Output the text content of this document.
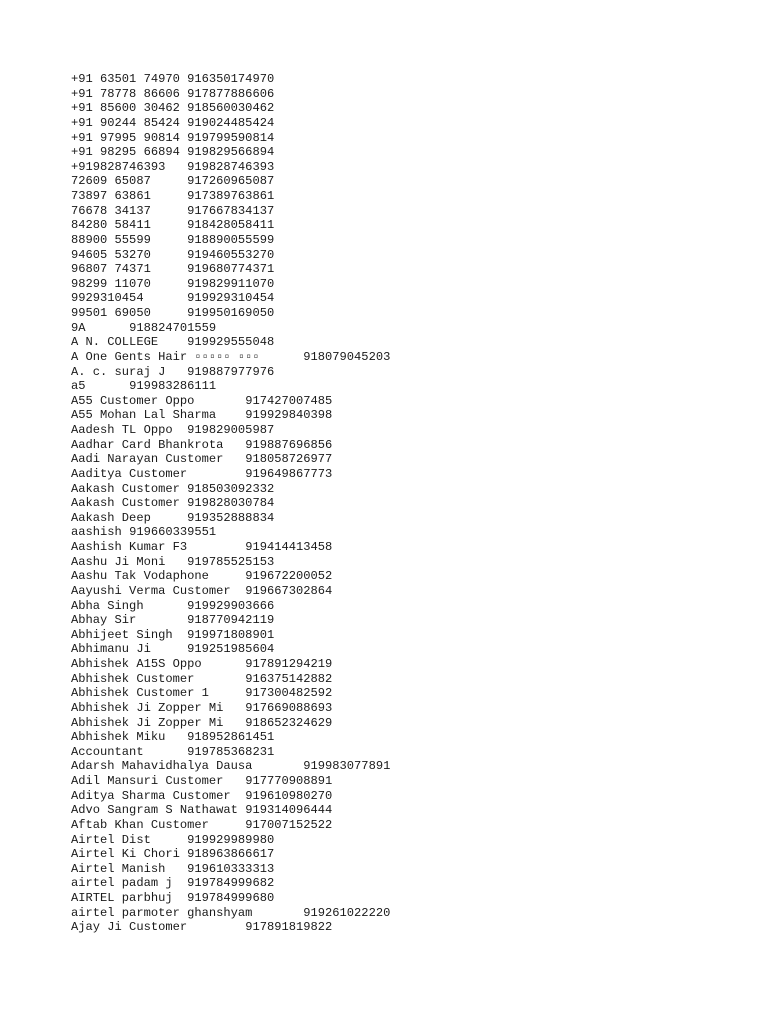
+91 63501 74970	916350174970
+91 78778 86606	917877886606
+91 85600 30462	918560030462
+91 90244 85424	919024485424
+91 97995 90814	919799590814
+91 98295 66894	919829566894
+919828746393	919828746393
72609 65087	917260965087
73897 63861	917389763861
76678 34137	917667834137
84280 58411	918428058411
88900 55599	918890055599
94605 53270	919460553270
96807 74371	919680774371
98299 11070	919829911070
9929310454	919929310454
99501 69050	919950169050
9A	918824701559
A N. COLLEGE	919929555048
A One Gents Hair ▫▫▫▫▫ ▫▫▫	918079045203
A. c. suraj J	919887977976
a5	919983286111
A55 Customer Oppo	917427007485
A55 Mohan Lal Sharma	919929840398
Aadesh TL Oppo	919829005987
Aadhar Card Bhankrota	919887696856
Aadi Narayan Customer	918058726977
Aaditya Customer	919649867773
Aakash Customer	918503092332
Aakash Customer	919828030784
Aakash Deep	919352888834
aashish	919660339551
Aashish Kumar F3	919414413458
Aashu Ji Moni	919785525153
Aashu Tak Vodaphone	919672200052
Aayushi Verma Customer	919667302864
Abha Singh	919929903666
Abhay Sir	918770942119
Abhijeet Singh	919971808901
Abhimanu Ji	919251985604
Abhishek A15S Oppo	917891294219
Abhishek Customer	916375142882
Abhishek Customer 1	917300482592
Abhishek Ji Zopper Mi	917669088693
Abhishek Ji Zopper Mi	918652324629
Abhishek Miku	918952861451
Accountant	919785368231
Adarsh Mahavidhalya Dausa	919983077891
Adil Mansuri Customer	917770908891
Aditya Sharma Customer	919610980270
Advo Sangram S Nathawat	919314096444
Aftab Khan Customer	917007152522
Airtel Dist	919929989980
Airtel Ki Chori	918963866617
Airtel Manish	919610333313
airtel padam j	919784999682
AIRTEL parbhuj	919784999680
airtel parmoter ghanshyam	919261022220
Ajay Ji Customer	917891819822
